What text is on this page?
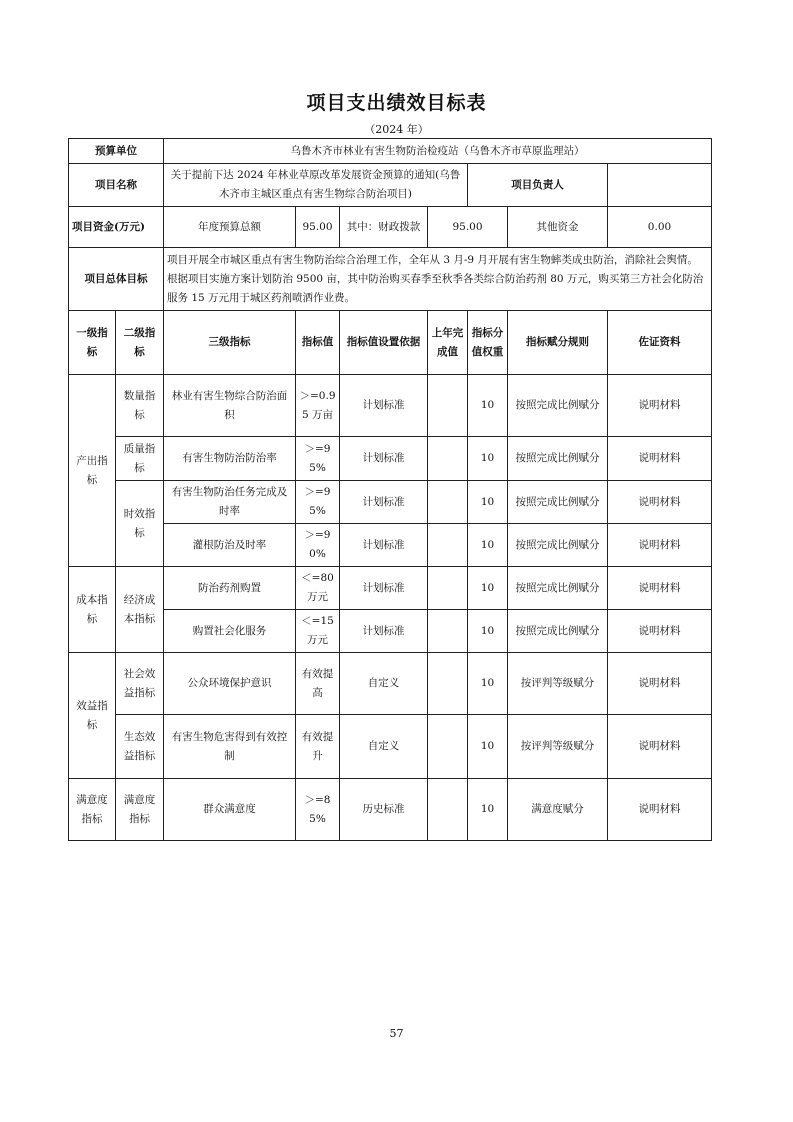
项目支出绩效目标表
（2024 年）
预算单位		乌鲁木齐市林业有害生物防治检疫站（乌鲁木齐市草原监理站）						
项目名称		关于提前下达 2024 年林业草原改革发展资金预算的通知(乌鲁木齐市主城区重点有害生物综合防治项目)				项目负责人		
项目资金(万元)		年度预算总额	95.00	其中：财政拨款	95.00		其他资金	0.00
项目总体目标		项目开展全市城区重点有害生物防治综合治理工作，全年从 3 月-9 月开展有害生物蟀类成虫防治，消除社会舆情。根据项目实施方案计划防治 9500 亩，其中防治购买春季至秋季各类综合防治药剂 80 万元，购买第三方社会化防治服务 15 万元用于城区药剂喷洒作业费。						
一级指标	二级指标	三级指标	指标值	指标值设置依据	上年完成值	指标分值权重	指标赋分规则	佐证资料
产出指标	数量指标	林业有害生物综合防治面积	＞=0.95 万亩	计划标准		10	按照完成比例赋分	说明材料
	质量指标	有害生物防治防治率	＞=95%	计划标准		10	按照完成比例赋分	说明材料
	时效指标	有害生物防治任务完成及时率	＞=95%	计划标准		10	按照完成比例赋分	说明材料
		灌根防治及时率	＞=90%	计划标准		10	按照完成比例赋分	说明材料
成本指标	经济成本指标	防治药剂购置	＜=80 万元	计划标准		10	按照完成比例赋分	说明材料
		购置社会化服务	＜=15 万元	计划标准		10	按照完成比例赋分	说明材料
效益指标	社会效益指标	公众环境保护意识	有效提高	自定义		10	按评判等级赋分	说明材料
	生态效益指标	有害生物危害得到有效控制	有效提升	自定义		10	按评判等级赋分	说明材料
满意度指标	满意度指标	群众满意度	＞=85%	历史标准		10	满意度赋分	说明材料
57
